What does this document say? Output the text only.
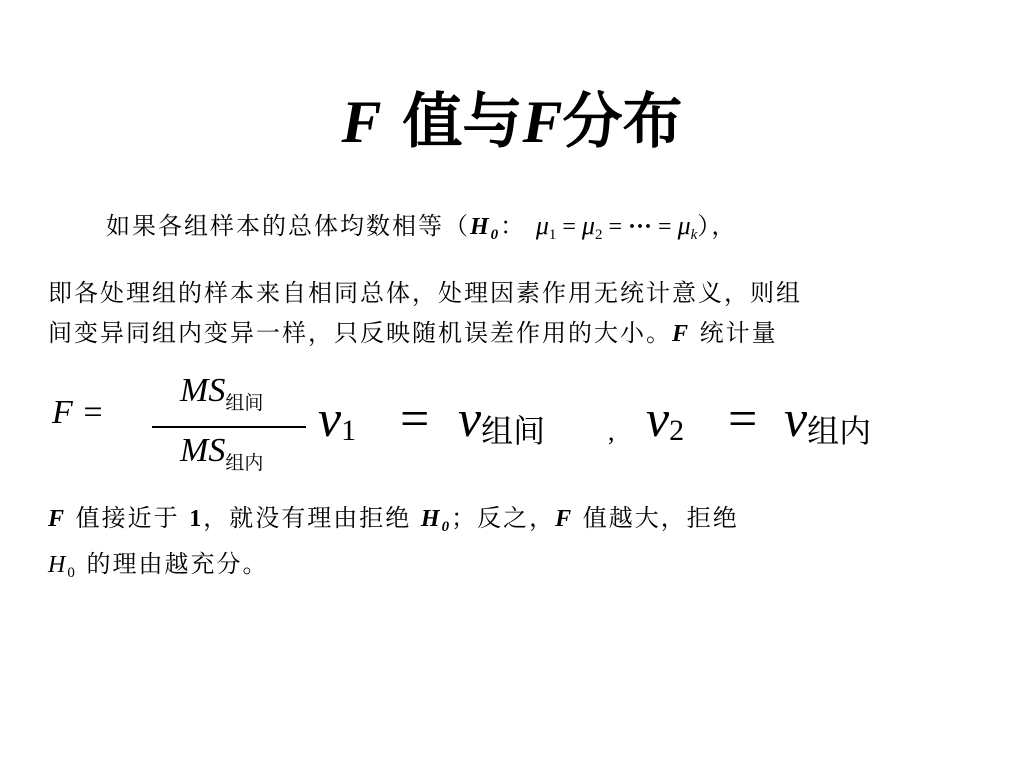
F 值与F分布
如果各组样本的总体均数相等（$H_0$： $\mu_1 = \mu_2$ = ··· = $\mu_k$），
即各处理组的样本来自相同总体，处理因素作用无统计意义，则组
间变异同组内变异一样，只反映随机误差作用的大小。F 统计量
F =
$MS_{组间}$
$MS_{组内}$
ν1 = ν组间 , ν2 = ν组内
F 值接近于 1，就没有理由拒绝 $H_0$；反之，F 值越大，拒绝
$H_0$ 的理由越充分。
